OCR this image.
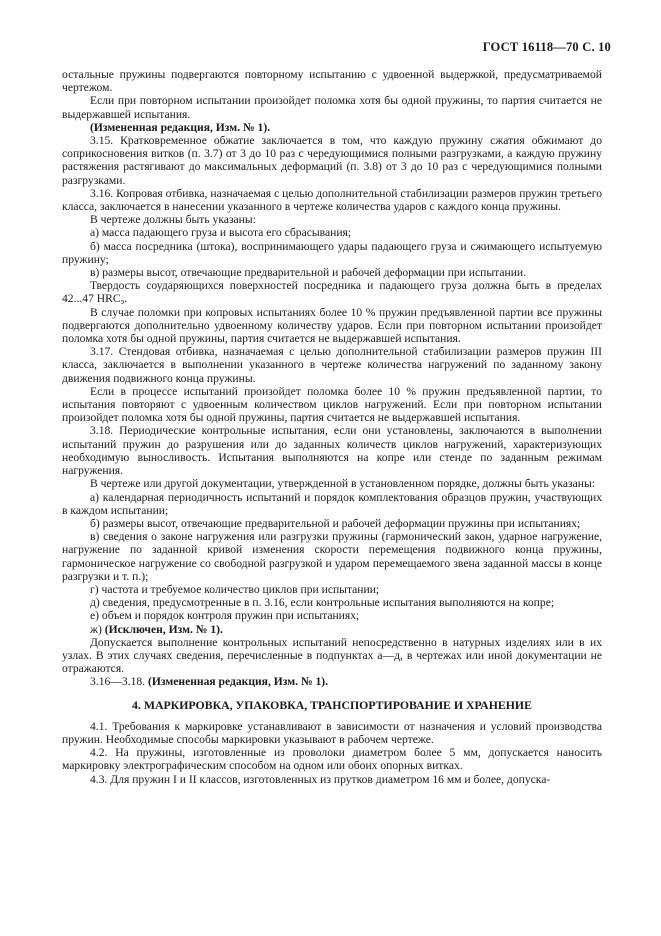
ГОСТ 16118—70 С. 10

остальные пружины подвергаются повторному испытанию с удвоенной выдержкой, предусматриваемой чертежом.

Если при повторном испытании произойдет поломка хотя бы одной пружины, то партия считается не выдержавшей испытания.

(Измененная редакция, Изм. № 1).

3.15. Кратковременное обжатие заключается в том, что каждую пружину сжатия обжимают до соприкосновения витков (п. 3.7) от 3 до 10 раз с чередующимися полными разгрузками, а каждую пружину растяжения растягивают до максимальных деформаций (п. 3.8) от 3 до 10 раз с чередующимися полными разгрузками.

3.16. Копровая отбивка, назначаемая с целью дополнительной стабилизации размеров пружин третьего класса, заключается в нанесении указанного в чертеже количества ударов с каждого конца пружины.

В чертеже должны быть указаны:

а) масса падающего груза и высота его сбрасывания;

б) масса посредника (штока), воспринимающего удары падающего груза и сжимающего испытуемую пружину;

в) размеры высот, отвечающие предварительной и рабочей деформации при испытании.

Твердость соударяющихся поверхностей посредника и падающего груза должна быть в пределах 42...47 $HRC_э$.

В случае поломки при копровых испытаниях более 10 % пружин предъявленной партии все пружины подвергаются дополнительно удвоенному количеству ударов. Если при повторном испытании произойдет поломка хотя бы одной пружины, партия считается не выдержавшей испытания.

3.17. Стендовая отбивка, назначаемая с целью дополнительной стабилизации размеров пружин III класса, заключается в выполнении указанного в чертеже количества нагружений по заданному закону движения подвижного конца пружины.

Если в процессе испытаний произойдет поломка более 10 % пружин предъявленной партии, то испытания повторяют с удвоенным количеством циклов нагружений. Если при повторном испытании произойдет поломка хотя бы одной пружины, партия считается не выдержавшей испытания.

3.18. Периодические контрольные испытания, если они установлены, заключаются в выполнении испытаний пружин до разрушения или до заданных количеств циклов нагружений, характеризующих необходимую выносливость. Испытания выполняются на копре или стенде по заданным режимам нагружения.

В чертеже или другой документации, утвержденной в установленном порядке, должны быть указаны:

а) календарная периодичность испытаний и порядок комплектования образцов пружин, участвующих в каждом испытании;

б) размеры высот, отвечающие предварительной и рабочей деформации пружины при испытаниях;

в) сведения о законе нагружения или разгрузки пружины (гармонический закон, ударное нагружение, нагружение по заданной кривой изменения скорости перемещения подвижного конца пружины, гармоническое нагружение со свободной разгрузкой и ударом перемещаемого звена заданной массы в конце разгрузки и т. п.);

г) частота и требуемое количество циклов при испытании;

д) сведения, предусмотренные в п. 3.16, если контрольные испытания выполняются на копре;

е) объем и порядок контроля пружин при испытаниях;

ж) (Исключен, Изм. № 1).

Допускается выполнение контрольных испытаний непосредственно в натурных изделиях или в их узлах. В этих случаях сведения, перечисленные в подпунктах а—д, в чертежах или иной документации не отражаются.

3.16—3.18. (Измененная редакция, Изм. № 1).

4. МАРКИРОВКА, УПАКОВКА, ТРАНСПОРТИРОВАНИЕ И ХРАНЕНИЕ

4.1. Требования к маркировке устанавливают в зависимости от назначения и условий производства пружин. Необходимые способы маркировки указывают в рабочем чертеже.

4.2. На пружины, изготовленные из проволоки диаметром более 5 мм, допускается наносить маркировку электрографическим способом на одном или обоих опорных витках.

4.3. Для пружин I и II классов, изготовленных из прутков диаметром 16 мм и более, допуска-
